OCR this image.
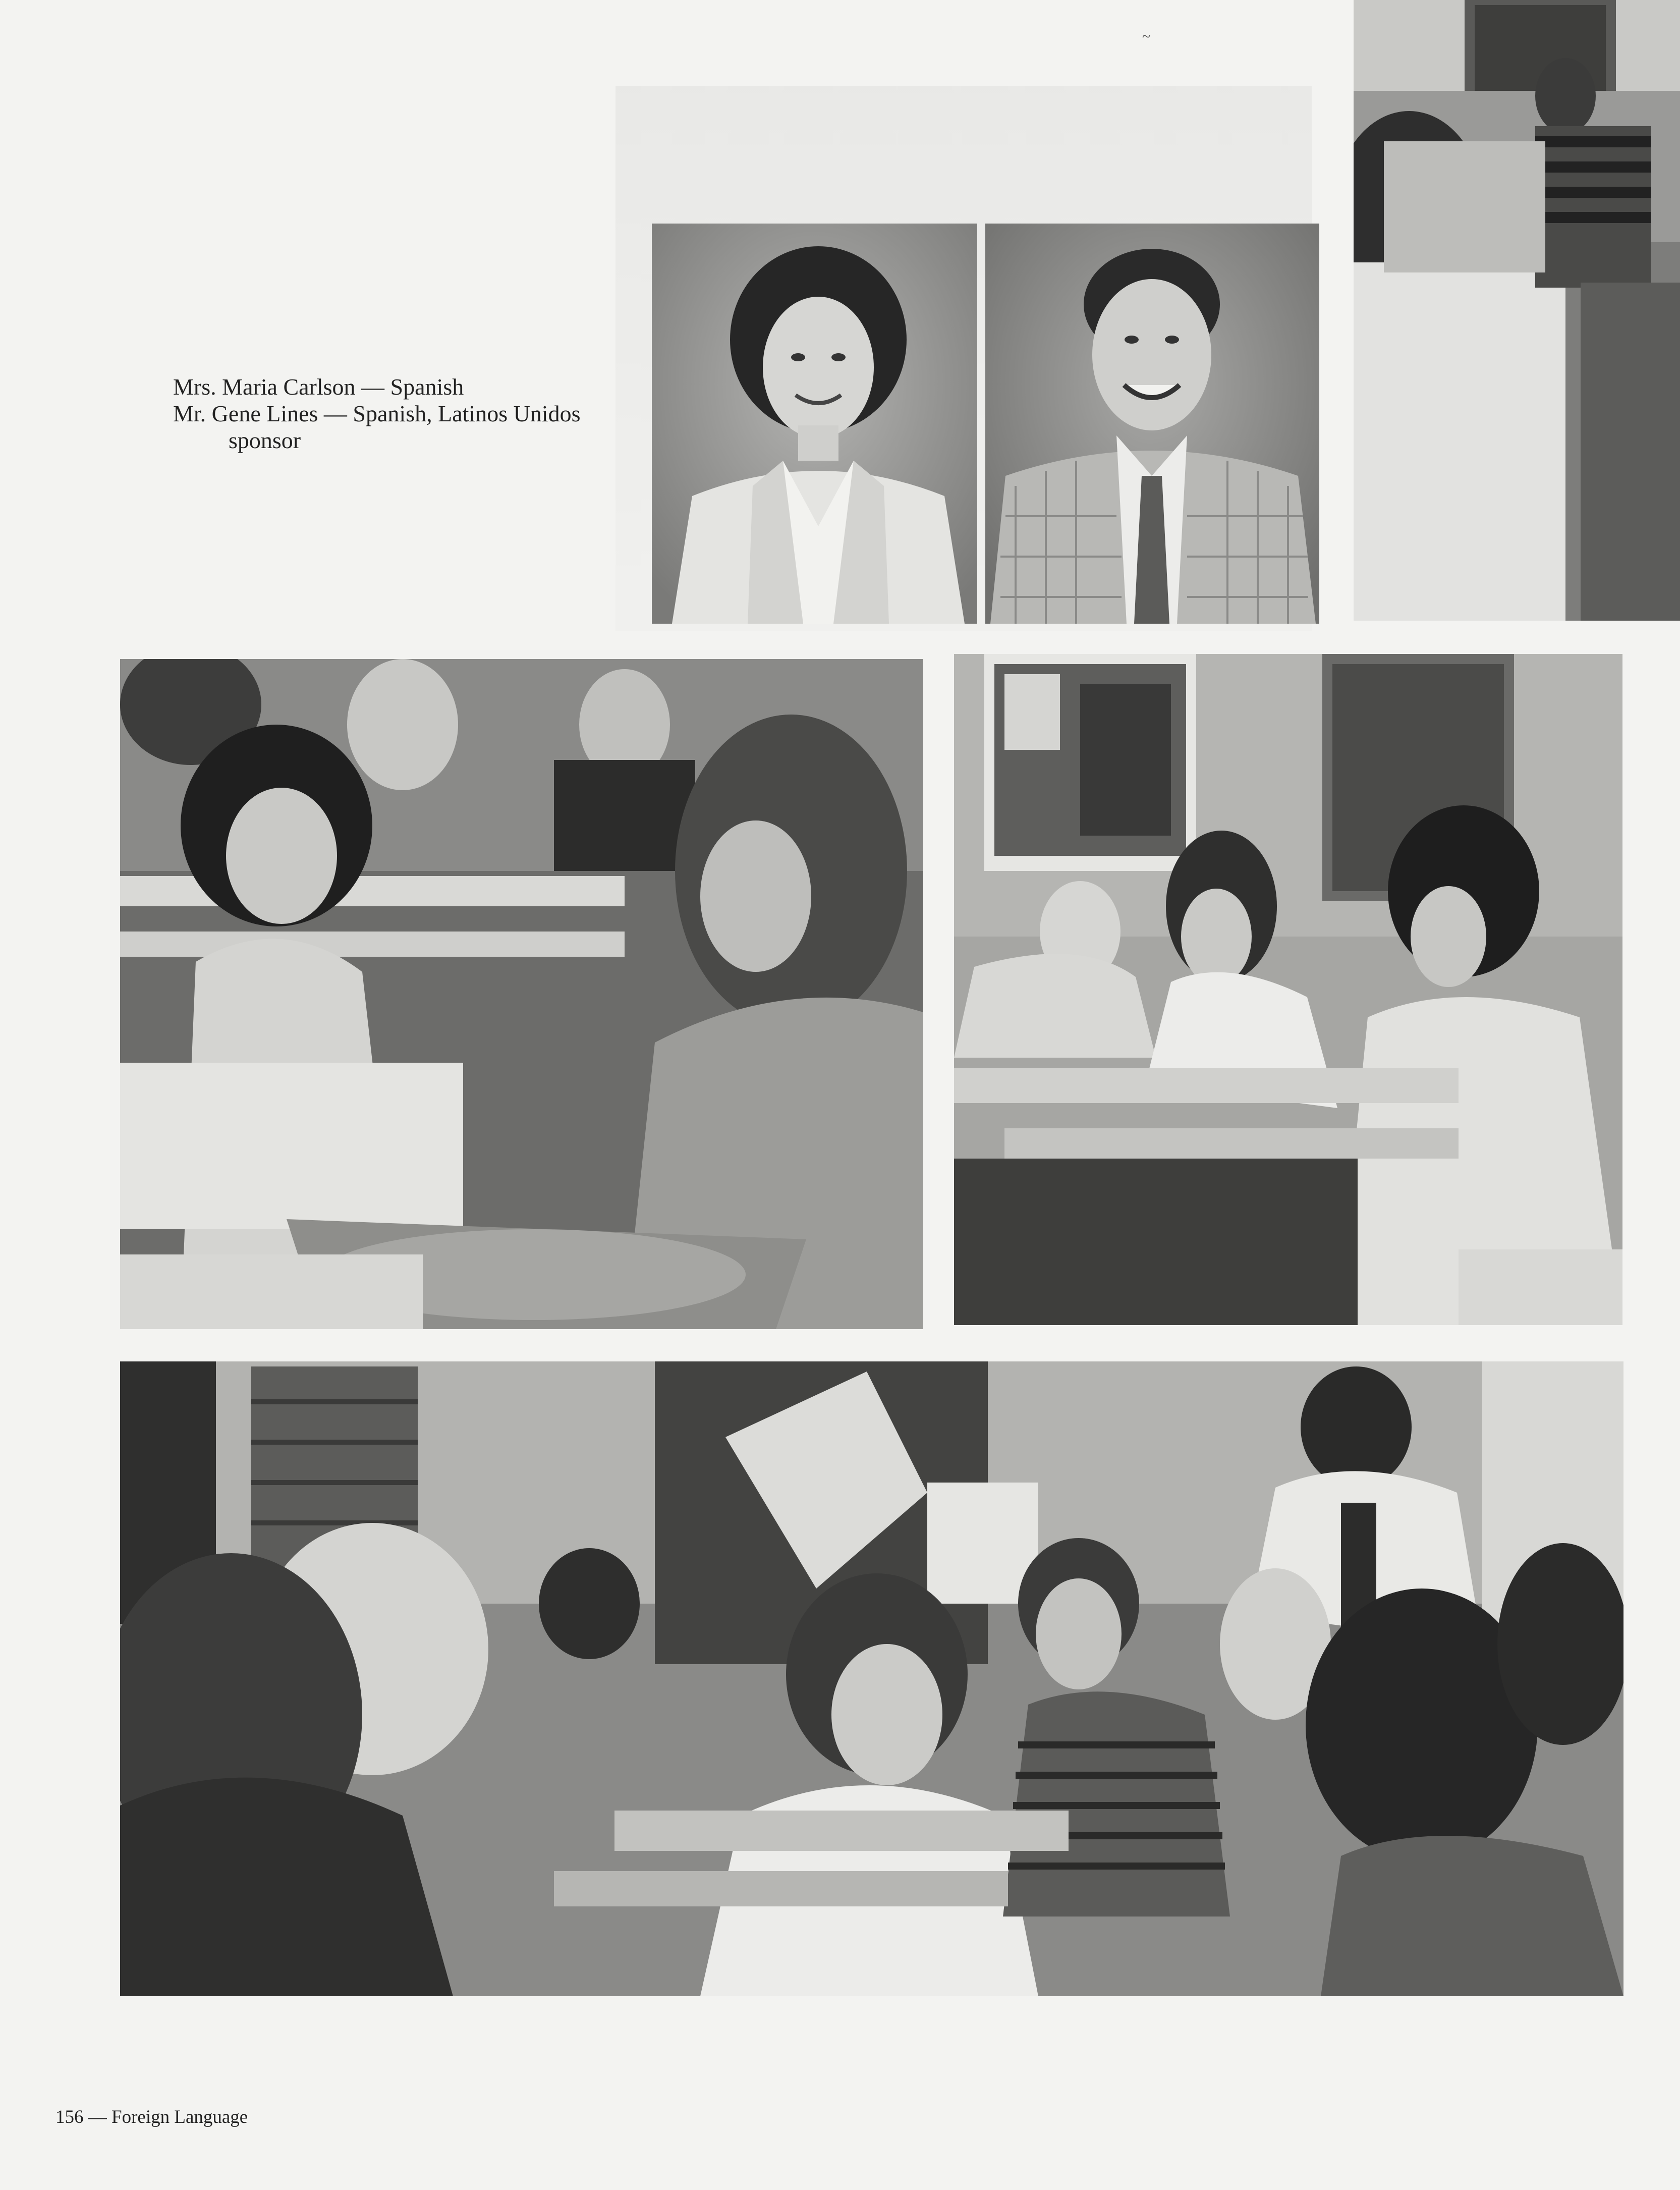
~
Mrs. Maria Carlson — Spanish
Mr. Gene Lines — Spanish, Latinos Unidos

sponsor
156 — Foreign Language
